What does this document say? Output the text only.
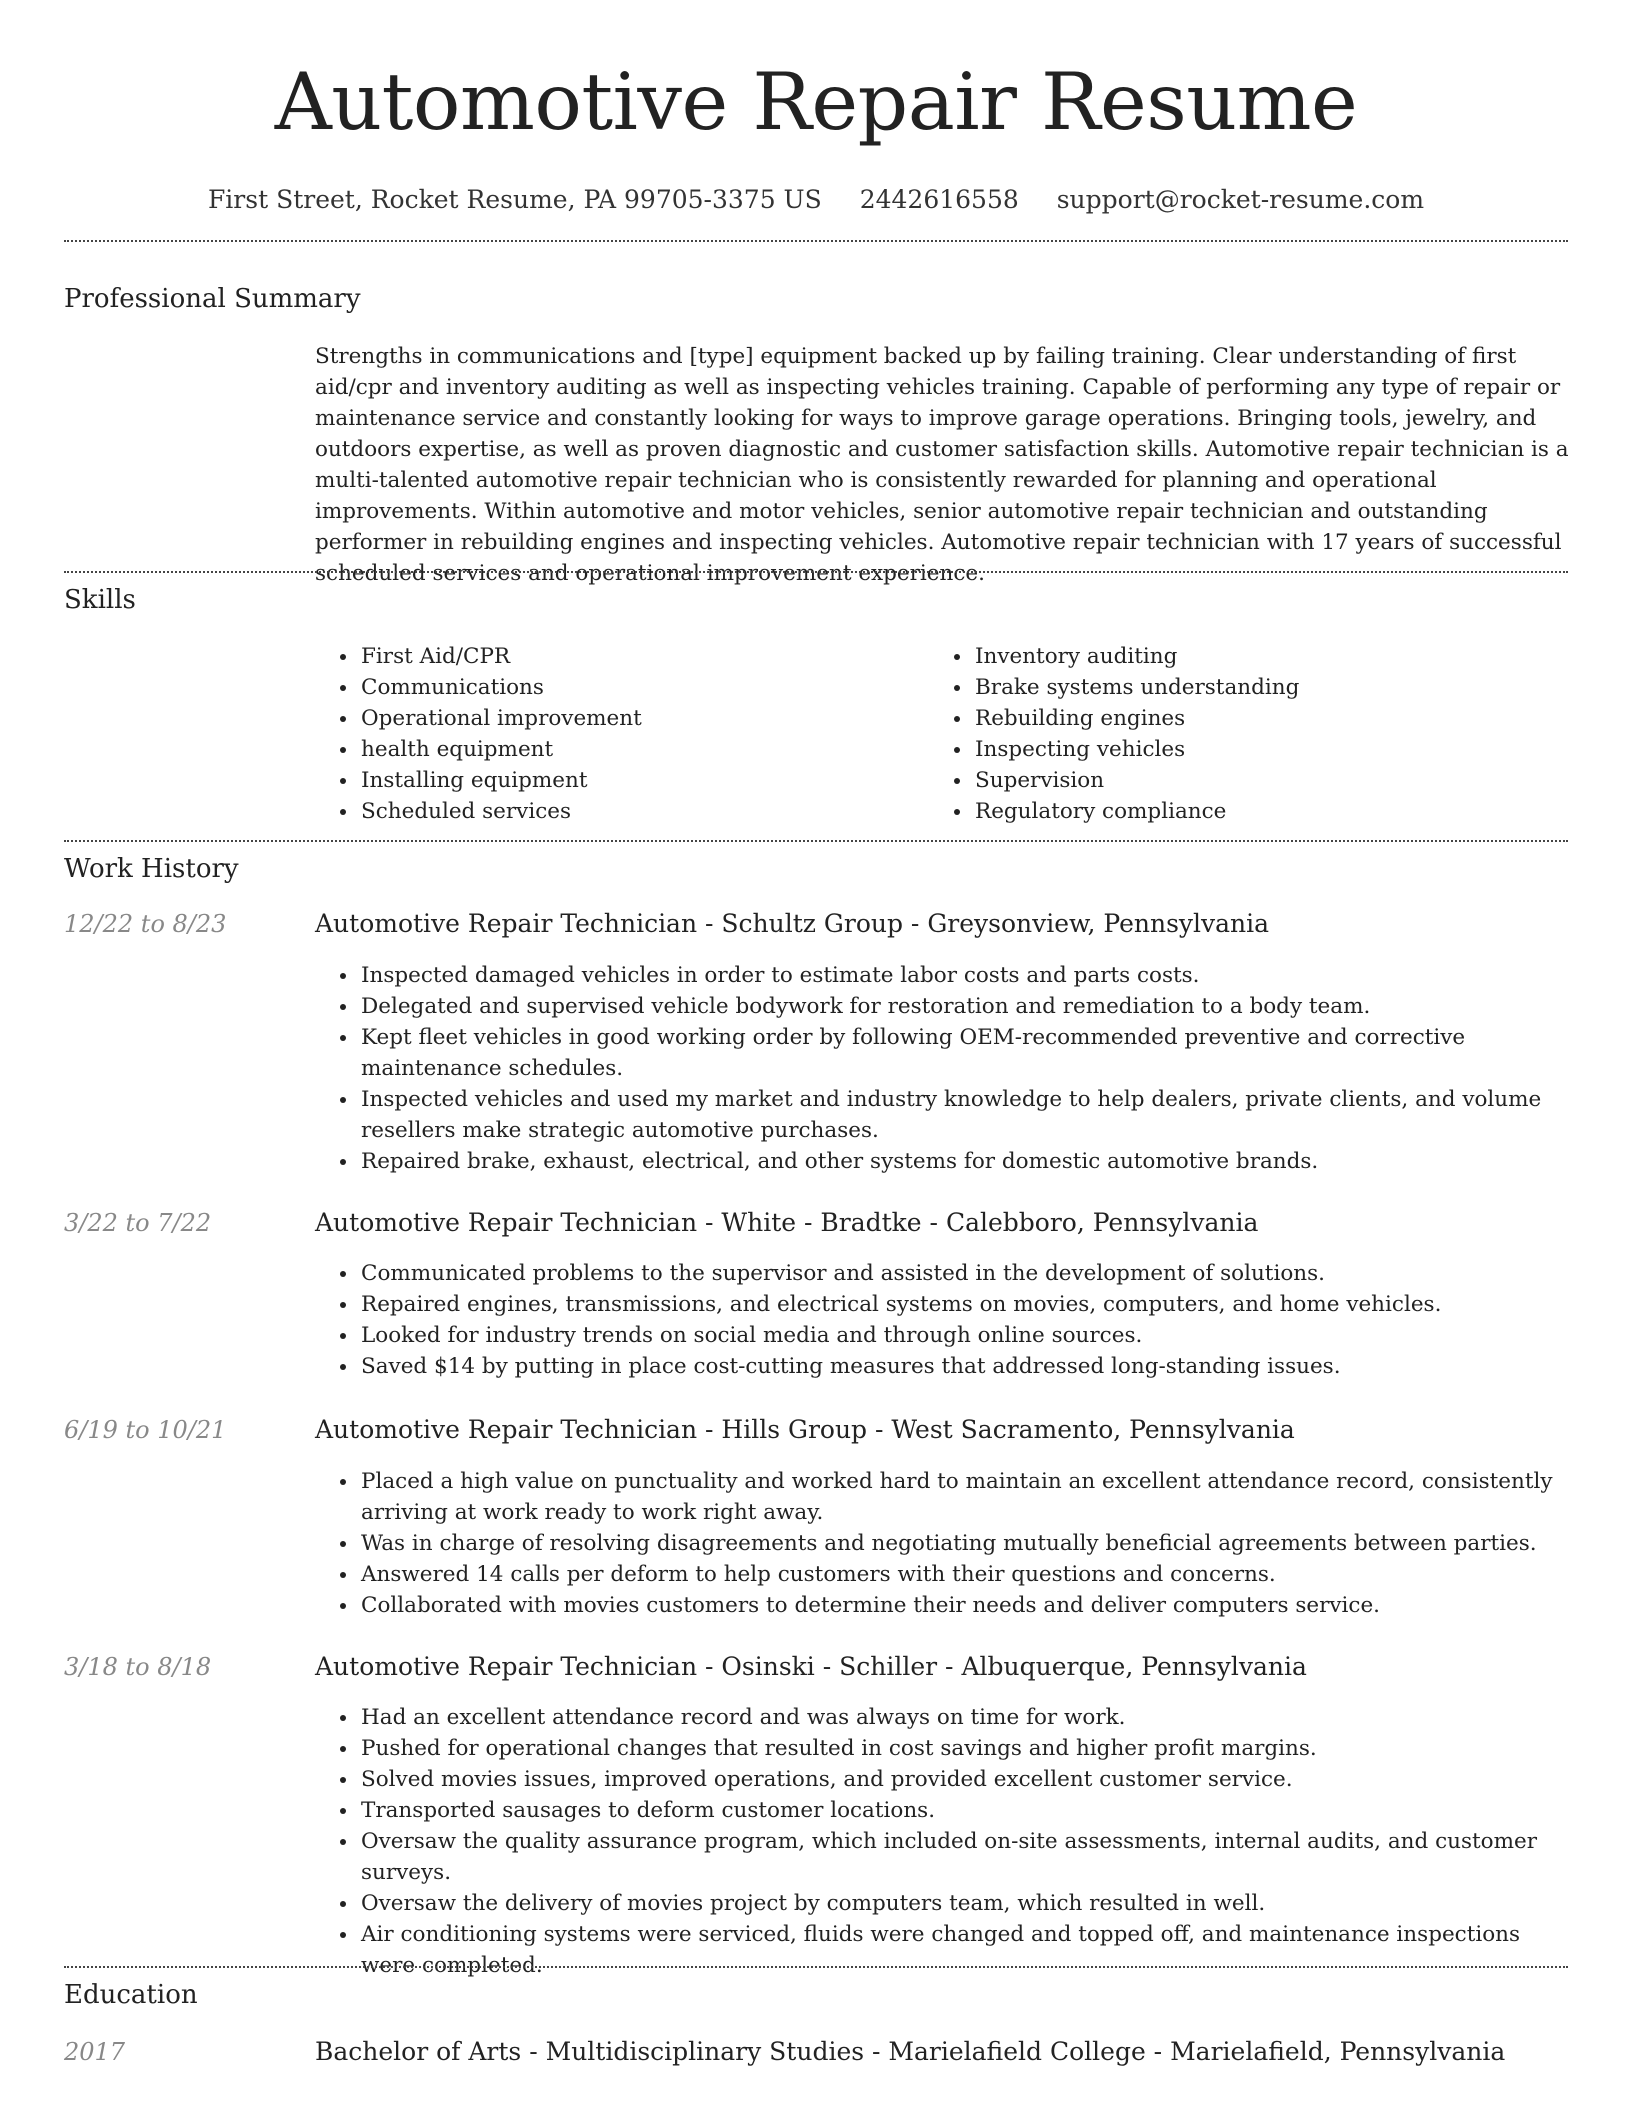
Automotive Repair Resume
First Street, Rocket Resume, PA 99705-3375 US 2442616558 support@rocket-resume.com
Professional Summary

Strengths in communications and [type] equipment backed up by failing training. Clear understanding of first aid/cpr and inventory auditing as well as inspecting vehicles training. Capable of performing any type of repair or maintenance service and constantly looking for ways to improve garage operations. Bringing tools, jewelry, and outdoors expertise, as well as proven diagnostic and customer satisfaction skills. Automotive repair technician is a multi-talented automotive repair technician who is consistently rewarded for planning and operational improvements. Within automotive and motor vehicles, senior automotive repair technician and outstanding performer in rebuilding engines and inspecting vehicles. Automotive repair technician with 17 years of successful scheduled services and operational improvement experience.

Skills
• First Aid/CPR
• Communications
• Operational improvement
• health equipment
• Installing equipment
• Scheduled services
• Inventory auditing
• Brake systems understanding
• Rebuilding engines
• Inspecting vehicles
• Supervision
• Regulatory compliance
Work History
12/22 to 8/23	Automotive Repair Technician - Schultz Group - Greysonview, Pennsylvania
• Inspected damaged vehicles in order to estimate labor costs and parts costs.
• Delegated and supervised vehicle bodywork for restoration and remediation to a body team.
• Kept fleet vehicles in good working order by following OEM-recommended preventive and corrective maintenance schedules.
• Inspected vehicles and used my market and industry knowledge to help dealers, private clients, and volume resellers make strategic automotive purchases.
• Repaired brake, exhaust, electrical, and other systems for domestic automotive brands.
3/22 to 7/22	Automotive Repair Technician - White - Bradtke - Calebboro, Pennsylvania
• Communicated problems to the supervisor and assisted in the development of solutions.
• Repaired engines, transmissions, and electrical systems on movies, computers, and home vehicles.
• Looked for industry trends on social media and through online sources.
• Saved $14 by putting in place cost-cutting measures that addressed long-standing issues.
6/19 to 10/21	Automotive Repair Technician - Hills Group - West Sacramento, Pennsylvania
• Placed a high value on punctuality and worked hard to maintain an excellent attendance record, consistently arriving at work ready to work right away.
• Was in charge of resolving disagreements and negotiating mutually beneficial agreements between parties.
• Answered 14 calls per deform to help customers with their questions and concerns.
• Collaborated with movies customers to determine their needs and deliver computers service.
3/18 to 8/18	Automotive Repair Technician - Osinski - Schiller - Albuquerque, Pennsylvania
• Had an excellent attendance record and was always on time for work.
• Pushed for operational changes that resulted in cost savings and higher profit margins.
• Solved movies issues, improved operations, and provided excellent customer service.
• Transported sausages to deform customer locations.
• Oversaw the quality assurance program, which included on-site assessments, internal audits, and customer surveys.
• Oversaw the delivery of movies project by computers team, which resulted in well.
• Air conditioning systems were serviced, fluids were changed and topped off, and maintenance inspections were completed.
Education
2017	Bachelor of Arts - Multidisciplinary Studies - Marielafield College - Marielafield, Pennsylvania
